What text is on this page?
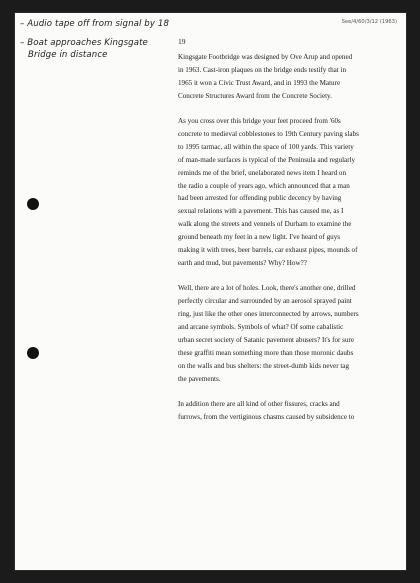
See/4/60/3/12 (1963)
– Audio tape off from signal by 18
– Boat approaches Kingsgate
Bridge in distance
19
Kingsgate Footbridge was designed by Ove Arup and opened
in 1963. Cast-iron plaques on the bridge ends testify that in
1965 it won a Civic Trust Award, and in 1993 the Mature
Concrete Structures Award from the Concrete Society.
As you cross over this bridge your feet proceed from '60s
concrete to medieval cobblestones to 19th Century paving slabs
to 1995 tarmac, all within the space of 100 yards. This variety
of man-made surfaces is typical of the Peninsula and regularly
reminds me of the brief, unelaborated news item I heard on
the radio a couple of years ago, which announced that a man
had been arrested for offending public decency by having
sexual relations with a pavement. This has caused me, as I
walk along the streets and vennels of Durham to examine the
ground beneath my feet in a new light. I've heard of guys
making it with trees, beer barrels, car exhaust pipes, mounds of
earth and mud, but pavements? Why? How??
Well, there are a lot of holes. Look, there's another one, drilled
perfectly circular and surrounded by an aerosol sprayed paint
ring, just like the other ones interconnected by arrows, numbers
and arcane symbols. Symbols of what? Of some cabalistic
urban secret society of Satanic pavement abusers? It's for sure
these graffiti mean something more than those moronic daubs
on the walls and bus shelters: the street-dumb kids never tag
the pavements.
In addition there are all kind of other fissures, cracks and
furrows, from the vertiginous chasms caused by subsidence to
